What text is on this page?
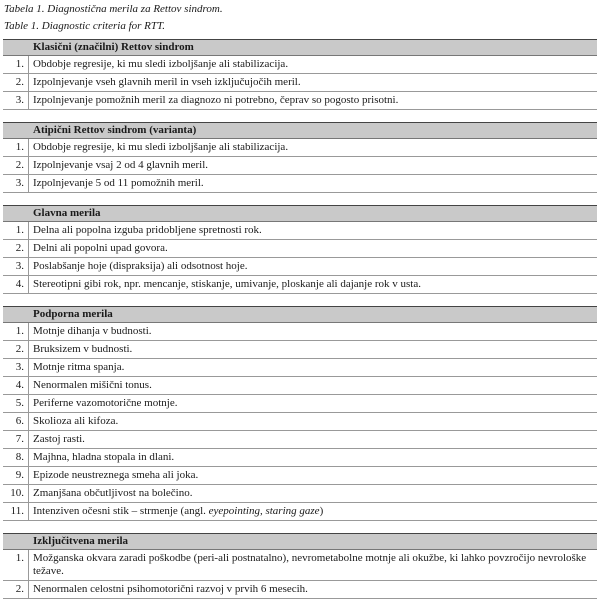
Tabela 1. Diagnostična merila za Rettov sindrom.
Table 1. Diagnostic criteria for RTT.
Klasični (značilni) Rettov sindrom
1. Obdobje regresije, ki mu sledi izboljšanje ali stabilizacija.
2. Izpolnjevanje vseh glavnih meril in vseh izključujočih meril.
3. Izpolnjevanje pomožnih meril za diagnozo ni potrebno, čeprav so pogosto prisotni.
Atipični Rettov sindrom (varianta)
1. Obdobje regresije, ki mu sledi izboljšanje ali stabilizacija.
2. Izpolnjevanje vsaj 2 od 4 glavnih meril.
3. Izpolnjevanje 5 od 11 pomožnih meril.
Glavna merila
1. Delna ali popolna izguba pridobljene spretnosti rok.
2. Delni ali popolni upad govora.
3. Poslabšanje hoje (dispraksija) ali odsotnost hoje.
4. Stereotipni gibi rok, npr. mencanje, stiskanje, umivanje, ploskanje ali dajanje rok v usta.
Podporna merila
1. Motnje dihanja v budnosti.
2. Bruksizem v budnosti.
3. Motnje ritma spanja.
4. Nenormalen mišični tonus.
5. Periferne vazomotorične motnje.
6. Skolioza ali kifoza.
7. Zastoj rasti.
8. Majhna, hladna stopala in dlani.
9. Epizode neustreznega smeha ali joka.
10. Zmanjšana občutljivost na bolečino.
11. Intenziven očesni stik – strmenje (angl. eyepointing, staring gaze)
Izključitvena merila
1. Možganska okvara zaradi poškodbe (peri-ali postnatalno), nevrometabolne motnje ali okužbe, ki lahko povzročijo nevrološke težave.
2. Nenormalen celostni psihomotorični razvoj v prvih 6 mesecih.
